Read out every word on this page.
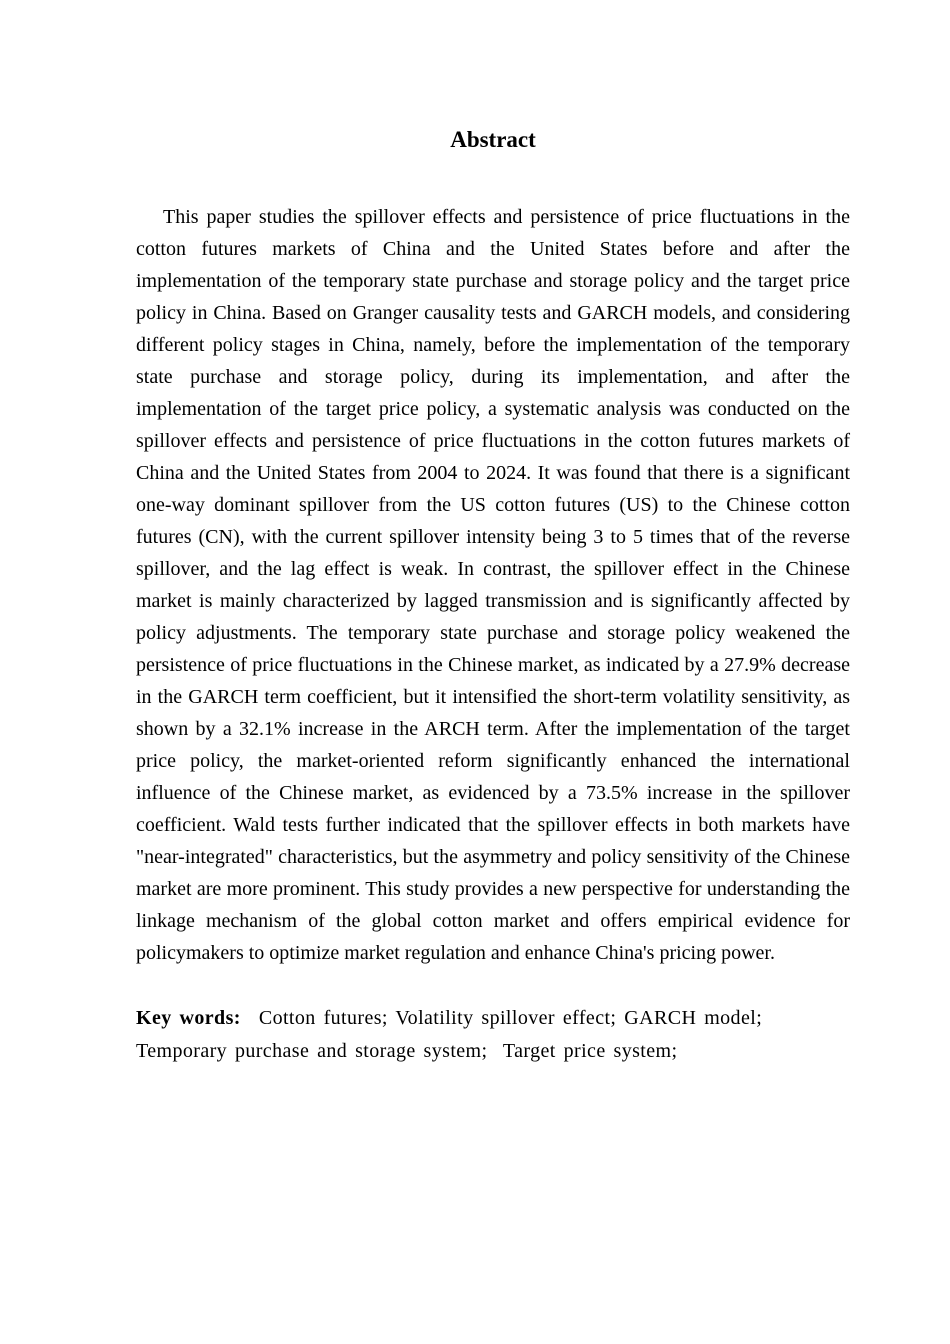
Abstract

This paper studies the spillover effects and persistence of price fluctuations in the cotton futures markets of China and the United States before and after the implementation of the temporary state purchase and storage policy and the target price policy in China. Based on Granger causality tests and GARCH models, and considering different policy stages in China, namely, before the implementation of the temporary state purchase and storage policy, during its implementation, and after the implementation of the target price policy, a systematic analysis was conducted on the spillover effects and persistence of price fluctuations in the cotton futures markets of China and the United States from 2004 to 2024. It was found that there is a significant one-way dominant spillover from the US cotton futures (US) to the Chinese cotton futures (CN), with the current spillover intensity being 3 to 5 times that of the reverse spillover, and the lag effect is weak. In contrast, the spillover effect in the Chinese market is mainly characterized by lagged transmission and is significantly affected by policy adjustments. The temporary state purchase and storage policy weakened the persistence of price fluctuations in the Chinese market, as indicated by a 27.9% decrease in the GARCH term coefficient, but it intensified the short-term volatility sensitivity, as shown by a 32.1% increase in the ARCH term. After the implementation of the target price policy, the market-oriented reform significantly enhanced the international influence of the Chinese market, as evidenced by a 73.5% increase in the spillover coefficient. Wald tests further indicated that the spillover effects in both markets have "near-integrated" characteristics, but the asymmetry and policy sensitivity of the Chinese market are more prominent. This study provides a new perspective for understanding the linkage mechanism of the global cotton market and offers empirical evidence for policymakers to optimize market regulation and enhance China's pricing power.

Key words: Cotton futures; Volatility spillover effect; GARCH model; Temporary purchase and storage system;  Target price system;
